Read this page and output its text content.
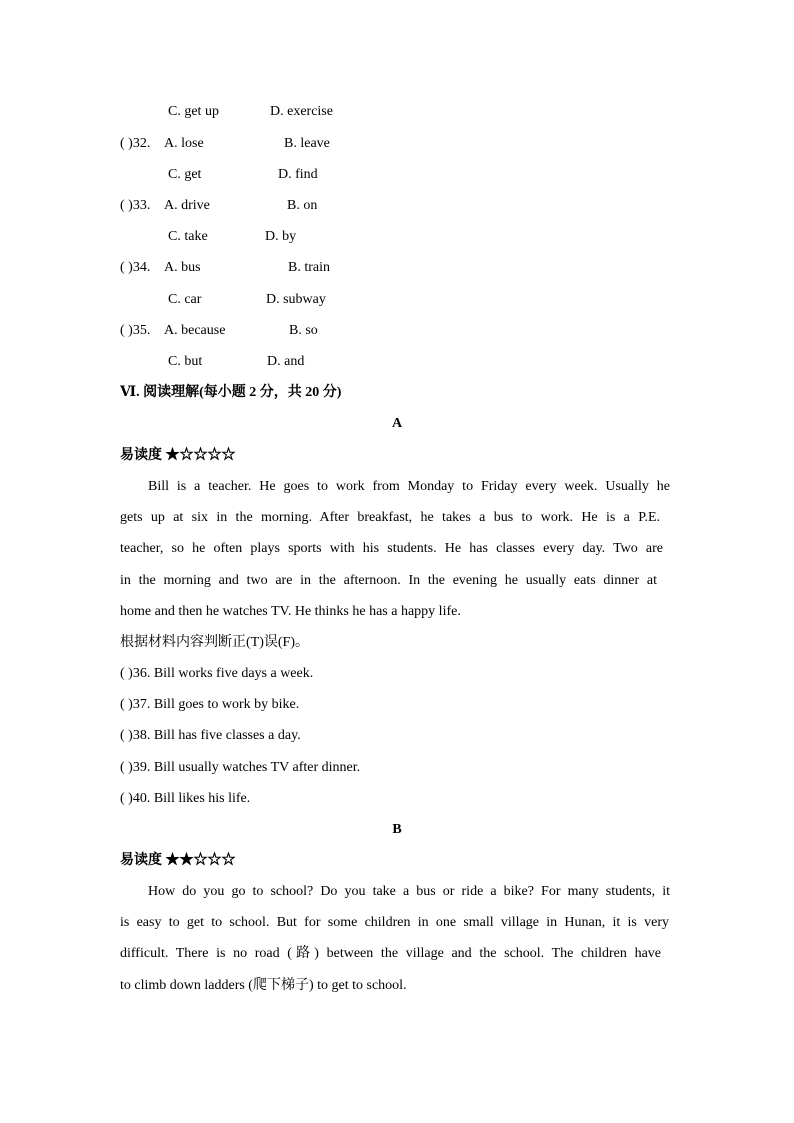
C. get up	D. exercise
( )32. A. lose	B. leave
C. get	D. find
( )33. A. drive	B. on
C. take	D. by
( )34. A. bus	B. train
C. car	D. subway
( )35. A. because	B. so
C. but	D. and
Ⅵ. 阅读理解(每小题 2 分，共 20 分)
A
易读度 ★☆☆☆☆
Bill is a teacher. He goes to work from Monday to Friday every week. Usually he
gets up at six in the morning. After breakfast, he takes a bus to work. He is a P.E.
teacher, so he often plays sports with his students. He has classes every day. Two are
in the morning and two are in the afternoon. In the evening he usually eats dinner at
home and then he watches TV. He thinks he has a happy life.
根据材料内容判断正(T)误(F)。
( )36. Bill works five days a week.
( )37. Bill goes to work by bike.
( )38. Bill has five classes a day.
( )39. Bill usually watches TV after dinner.
( )40. Bill likes his life.
B
易读度 ★★☆☆☆
How do you go to school? Do you take a bus or ride a bike? For many students, it
is easy to get to school. But for some children in one small village in Hunan, it is very
difficult. There is no road (路) between the village and the school. The children have
to climb down ladders (爬下梯子) to get to school.
